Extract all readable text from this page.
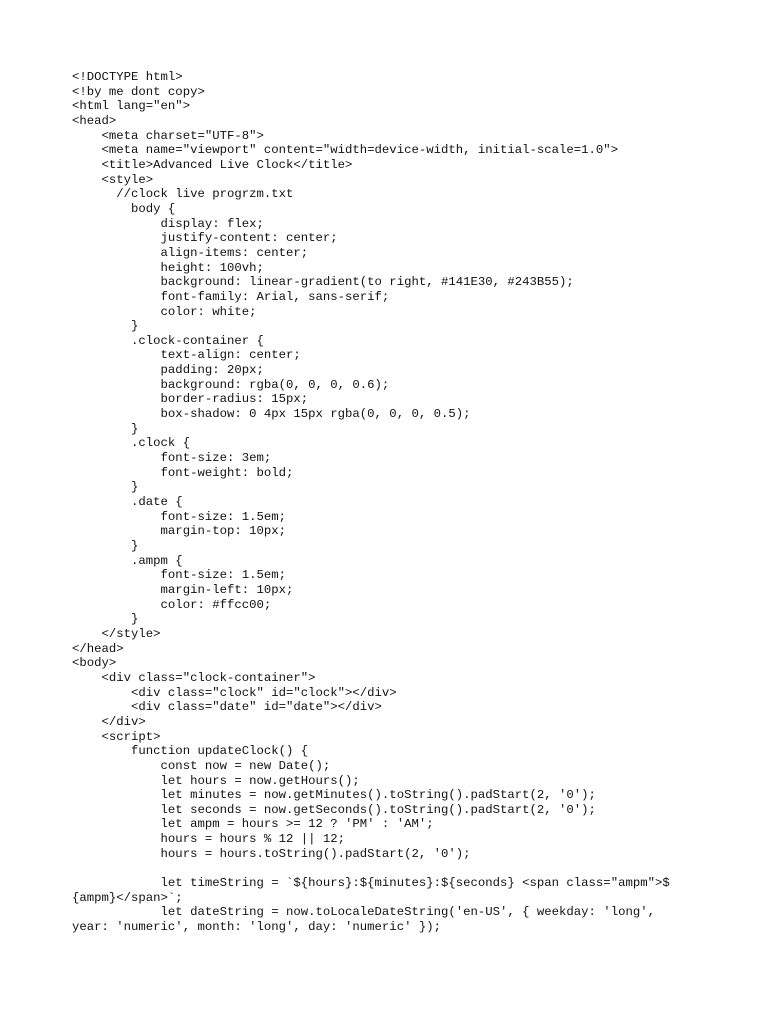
<!DOCTYPE html>
<!by me dont copy>
<html lang="en">
<head>
<meta charset="UTF-8">
<meta name="viewport" content="width=device-width, initial-scale=1.0">
<title>Advanced Live Clock</title>
<style>
//clock live progrzm.txt
body {
display: flex;
justify-content: center;
align-items: center;
height: 100vh;
background: linear-gradient(to right, #141E30, #243B55);
font-family: Arial, sans-serif;
color: white;
}
.clock-container {
text-align: center;
padding: 20px;
background: rgba(0, 0, 0, 0.6);
border-radius: 15px;
box-shadow: 0 4px 15px rgba(0, 0, 0, 0.5);
}
.clock {
font-size: 3em;
font-weight: bold;
}
.date {
font-size: 1.5em;
margin-top: 10px;
}
.ampm {
font-size: 1.5em;
margin-left: 10px;
color: #ffcc00;
}
</style>
</head>
<body>
<div class="clock-container">
<div class="clock" id="clock"></div>
<div class="date" id="date"></div>
</div>
<script>
function updateClock() {
const now = new Date();
let hours = now.getHours();
let minutes = now.getMinutes().toString().padStart(2, '0');
let seconds = now.getSeconds().toString().padStart(2, '0');
let ampm = hours >= 12 ? 'PM' : 'AM';
hours = hours % 12 || 12;
hours = hours.toString().padStart(2, '0');
let timeString = `${hours}:${minutes}:${seconds} <span class="ampm">$
{ampm}</span>`;
let dateString = now.toLocaleDateString('en-US', { weekday: 'long',
year: 'numeric', month: 'long', day: 'numeric' });
